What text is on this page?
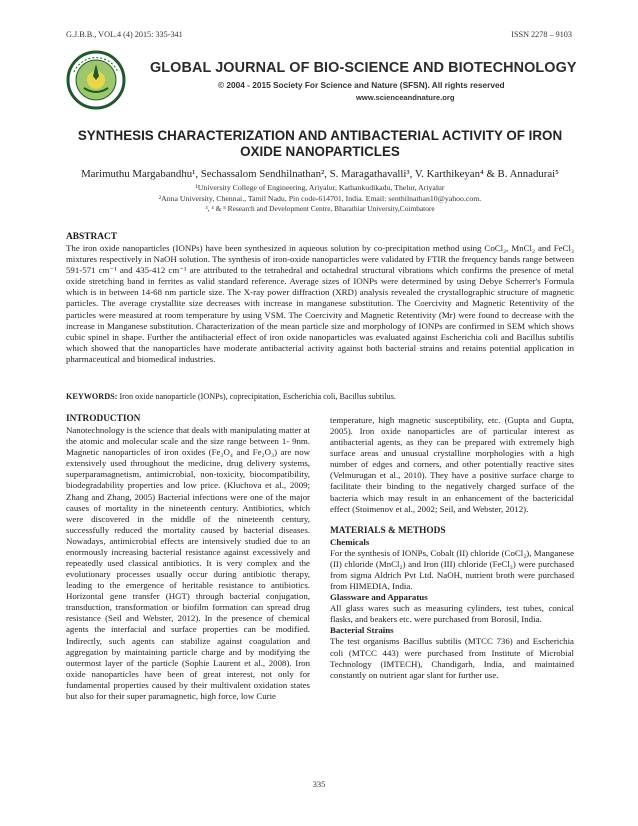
G.J.B.B., VOL.4 (4) 2015: 335-341	ISSN 2278 – 9103
GLOBAL JOURNAL OF BIO-SCIENCE AND BIOTECHNOLOGY
© 2004 - 2015 Society For Science and Nature (SFSN). All rights reserved
www.scienceandnature.org
SYNTHESIS CHARACTERIZATION AND ANTIBACTERIAL ACTIVITY OF IRON OXIDE NANOPARTICLES
Marimuthu Margabandhu¹, Sechassalom Sendhilnathan², S. Maragathavalli³, V. Karthikeyan⁴ & B. Annadurai⁵
¹University College of Engineering, Ariyalur, Kathankudikadu, Thelur, Ariyalur
²Anna University, Chennai., Tamil Nadu, Pin code-614701, India. Email: senthilnathan10@yahoo.com.
³, ⁴ & ⁵ Research and Development Centre, Bharathiar University,Coimbatore
ABSTRACT

The iron oxide nanoparticles (IONPs) have been synthesized in aqueous solution by co-precipitation method using CoCl₂, MnCl₂ and FeCl₃ mixtures respectively in NaOH solution. The synthesis of iron-oxide nanoparticles were validated by FTIR the frequency bands range between 591-571 cm⁻¹ and 435-412 cm⁻¹ are attributed to the tetrahedral and octahedral structural vibrations which confirms the presence of metal oxide stretching band in ferrites as valid standard reference. Average sizes of IONPs were determined by using Debye Scherrer's Formula which is in between 14-68 nm particle size. The X-ray power diffraction (XRD) analysis revealed the crystallographic structure of magnetic particles. The average crystallite size decreases with increase in manganese substitution. The Coercivity and Magnetic Retentivity of the particles were measured at room temperature by using VSM. The Coercivity and Magnetic Retentivity (Mr) were found to decrease with the increase in Manganese substitution. Characterization of the mean particle size and morphology of IONPs are confirmed in SEM which shows cubic spinel in shape. Further the antibacterial effect of iron oxide nanoparticles was evaluated against Escherichia coli and Bacillus subtilis which showed that the nanoparticles have moderate antibacterial activity against both bacterial strains and retains potential application in pharmaceutical and biomedical industries.

KEYWORDS: Iron oxide nanoparticle (IONPs), coprecipitation, Escherichia coli, Bacillus subtilus.
INTRODUCTION

Nanotechnology is the science that deals with manipulating matter at the atomic and molecular scale and the size range between 1- 9nm. Magnetic nanoparticles of iron oxides (Fe₃O₄ and Fe₂O₃) are now extensively used throughout the medicine, drug delivery systems, superparamagnetism, antimicrobial, non-toxicity, biocompatibility, biodegradability properties and low price. (Kluchova et al., 2009; Zhang and Zhang, 2005) Bacterial infections were one of the major causes of mortality in the nineteenth century. Antibiotics, which were discovered in the middle of the nineteenth century, successfully reduced the mortality caused by bacterial diseases. Nowadays, antimicrobial effects are intensively studied due to an enormously increasing bacterial resistance against excessively and repeatedly used classical antibiotics. It is very complex and the evolutionary processes usually occur during antibiotic therapy, leading to the emergence of heritable resistance to antibiotics. Horizontal gene transfer (HGT) through bacterial conjugation, transduction, transformation or biofilm formation can spread drug resistance (Seil and Webster, 2012). In the presence of chemical agents the interfacial and surface properties can be modified. Indirectly, such agents can stabilize against coagulation and aggregation by maintaining particle charge and by modifying the outermost layer of the particle (Sophie Laurent et al., 2008). Iron oxide nanoparticles have been of great interest, not only for fundamental properties caused by their multivalent oxidation states but also for their super paramagnetic, high force, low Curie

temperature, high magnetic susceptibility, etc. (Gupta and Gupta, 2005). Iron oxide nanoparticles are of particular interest as antibacterial agents, as they can be prepared with extremely high surface areas and unusual crystalline morphologies with a high number of edges and corners, and other potentially reactive sites (Velmurugan et al., 2010). They have a positive surface charge to facilitate their binding to the negatively charged surface of the bacteria which may result in an enhancement of the bactericidal effect (Stoimenov et al., 2002; Seil, and Webster, 2012).

MATERIALS & METHODS
Chemicals

For the synthesis of IONPs, Cobalt (II) chloride (CoCl₂), Manganese (II) chloride (MnCl₂) and Iron (III) chloride (FeCl₃) were purchased from sigma Aldrich Pvt Ltd. NaOH, nutrient broth were purchased from HIMEDIA, India.

Glassware and Apparatus

All glass wares such as measuring cylinders, test tubes, conical flasks, and beakers etc. were purchased from Borosil, India.

Bacterial Strains

The test organisms Bacillus subtilis (MTCC 736) and Escherichia coli (MTCC 443) were purchased from Institute of Microbial Technology (IMTECH), Chandigarh, India, and maintained constantly on nutrient agar slant for further use.

335
